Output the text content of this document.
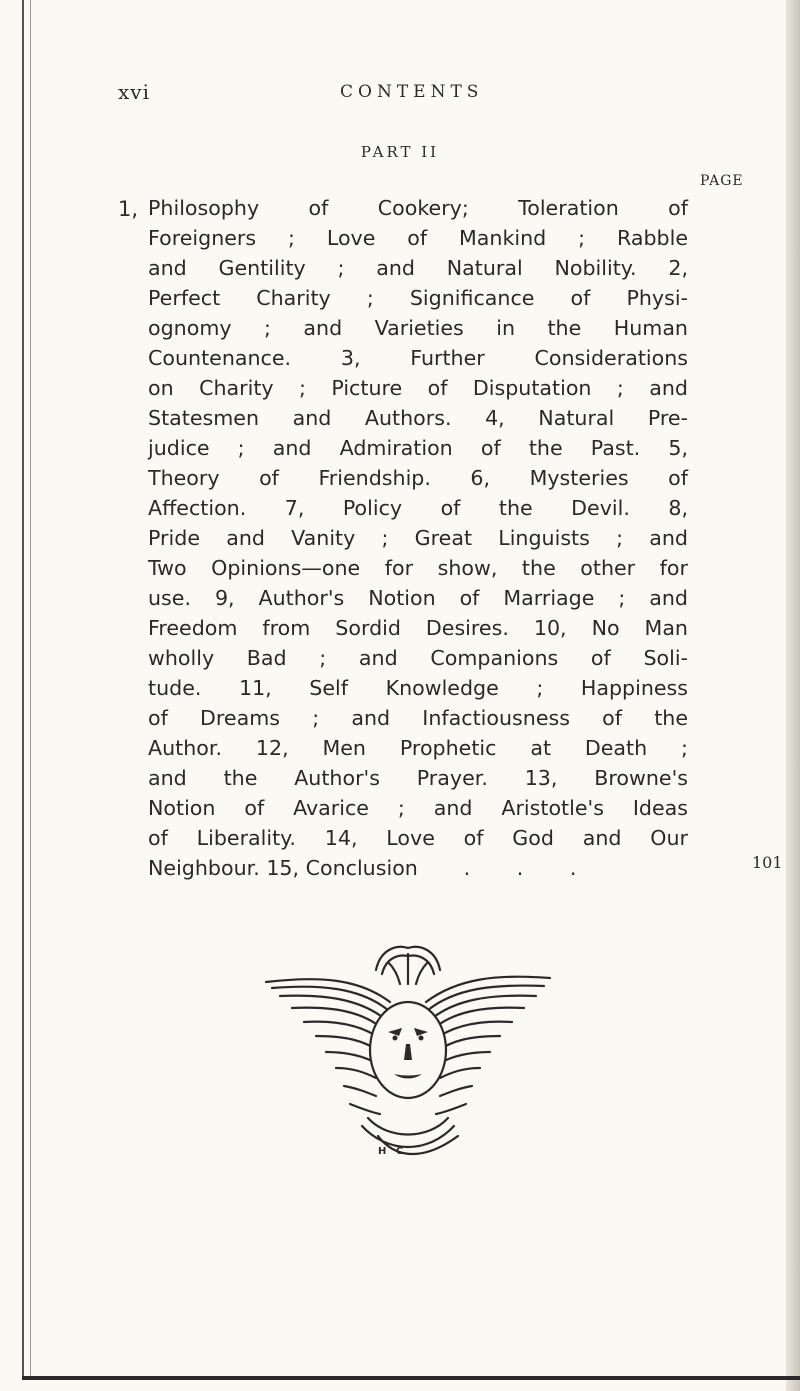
xvi	CONTENTS
PART II
PAGE
1, Philosophy of Cookery; Toleration of
Foreigners ; Love of Mankind ; Rabble
and Gentility ; and Natural Nobility. 2,
Perfect Charity ; Significance of Physi-
ognomy ; and Varieties in the Human
Countenance. 3, Further Considerations
on Charity ; Picture of Disputation ; and
Statesmen and Authors. 4, Natural Pre-
judice ; and Admiration of the Past. 5,
Theory of Friendship. 6, Mysteries of
Affection. 7, Policy of the Devil. 8,
Pride and Vanity ; Great Linguists ; and
Two Opinions—one for show, the other for
use. 9, Author's Notion of Marriage ; and
Freedom from Sordid Desires. 10, No Man
wholly Bad ; and Companions of Soli-
tude. 11, Self Knowledge ; Happiness
of Dreams ; and Infactiousness of the
Author. 12, Men Prophetic at Death ;
and the Author's Prayer. 13, Browne's
Notion of Avarice ; and Aristotle's Ideas
of Liberality. 14, Love of God and Our
Neighbour. 15, Conclusion . . .	101
H C
